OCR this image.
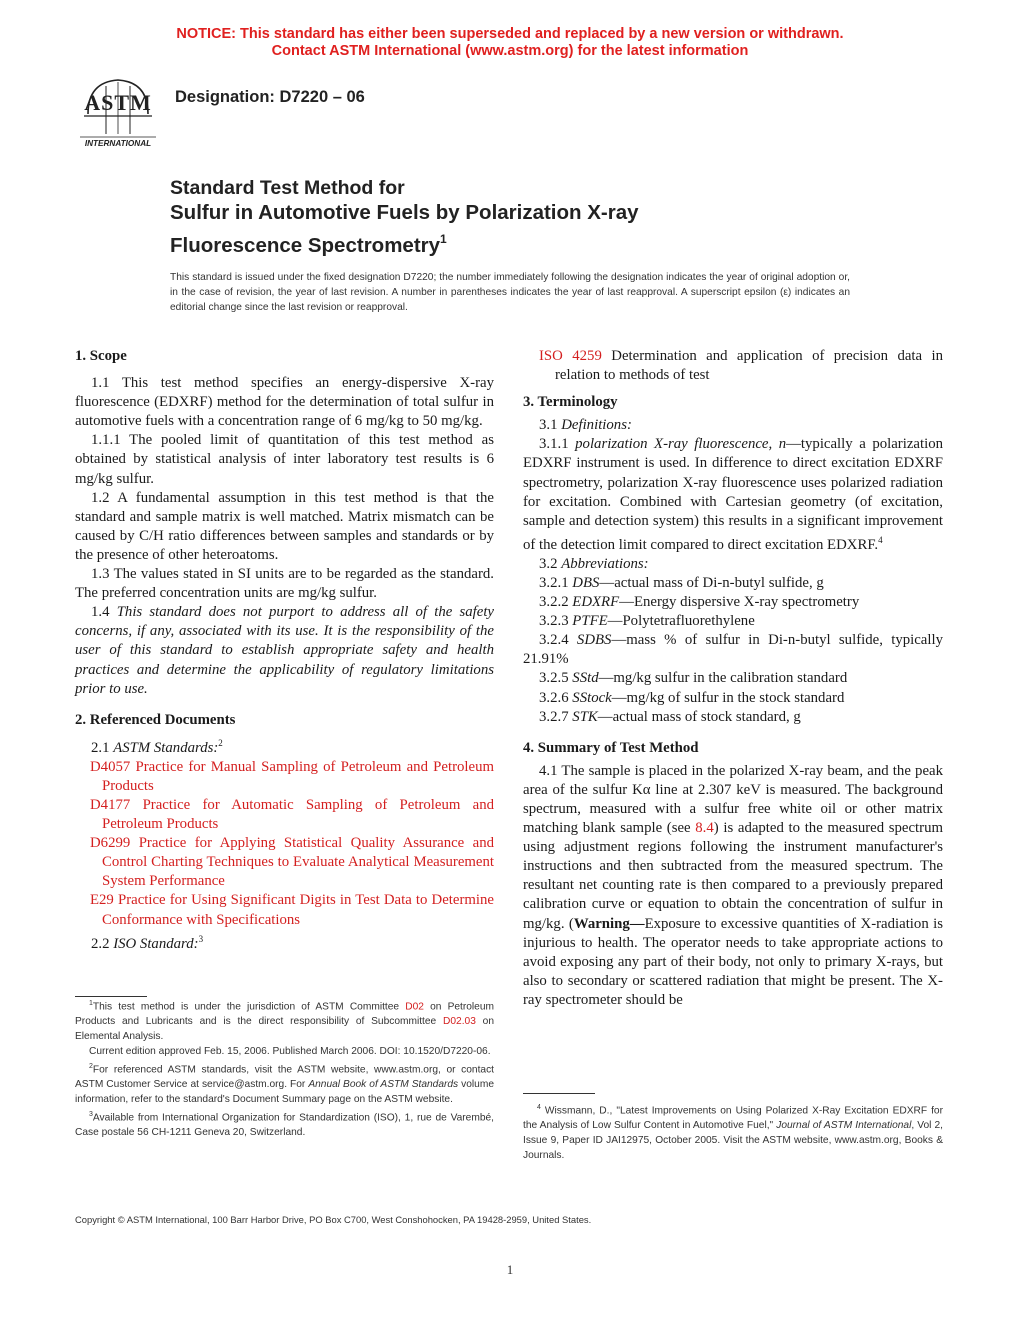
NOTICE: This standard has either been superseded and replaced by a new version or withdrawn.
Contact ASTM International (www.astm.org) for the latest information
ASTM
INTERNATIONAL
Designation: D7220 – 06
Standard Test Method for
Sulfur in Automotive Fuels by Polarization X-ray
Fluorescence Spectrometry$^1$
This standard is issued under the fixed designation D7220; the number immediately following the designation indicates the year of original adoption or, in the case of revision, the year of last revision. A number in parentheses indicates the year of last reapproval. A superscript epsilon (ε) indicates an editorial change since the last revision or reapproval.
1. Scope

1.1 This test method specifies an energy-dispersive X-ray fluorescence (EDXRF) method for the determination of total sulfur in automotive fuels with a concentration range of 6 mg/kg to 50 mg/kg.

1.1.1 The pooled limit of quantitation of this test method as obtained by statistical analysis of inter laboratory test results is 6 mg/kg sulfur.

1.2 A fundamental assumption in this test method is that the standard and sample matrix is well matched. Matrix mismatch can be caused by C/H ratio differences between samples and standards or by the presence of other heteroatoms.

1.3 The values stated in SI units are to be regarded as the standard. The preferred concentration units are mg/kg sulfur.

1.4 This standard does not purport to address all of the safety concerns, if any, associated with its use. It is the responsibility of the user of this standard to establish appropriate safety and health practices and determine the applicability of regulatory limitations prior to use.

2. Referenced Documents

2.1 ASTM Standards:$^2$

D4057 Practice for Manual Sampling of Petroleum and Petroleum Products

D4177 Practice for Automatic Sampling of Petroleum and Petroleum Products

D6299 Practice for Applying Statistical Quality Assurance and Control Charting Techniques to Evaluate Analytical Measurement System Performance

E29 Practice for Using Significant Digits in Test Data to Determine Conformance with Specifications

2.2 ISO Standard:$^3$

$^1$This test method is under the jurisdiction of ASTM Committee D02 on Petroleum Products and Lubricants and is the direct responsibility of Subcommittee D02.03 on Elemental Analysis.

Current edition approved Feb. 15, 2006. Published March 2006. DOI: 10.1520/D7220-06.

$^2$For referenced ASTM standards, visit the ASTM website, www.astm.org, or contact ASTM Customer Service at service@astm.org. For Annual Book of ASTM Standards volume information, refer to the standard's Document Summary page on the ASTM website.

$^3$Available from International Organization for Standardization (ISO), 1, rue de Varembé, Case postale 56 CH-1211 Geneva 20, Switzerland.

ISO 4259 Determination and application of precision data in relation to methods of test

3. Terminology

3.1 Definitions:

3.1.1 polarization X-ray fluorescence, n—typically a polarization EDXRF instrument is used. In difference to direct excitation EDXRF spectrometry, polarization X-ray fluorescence uses polarized radiation for excitation. Combined with Cartesian geometry (of excitation, sample and detection system) this results in a significant improvement of the detection limit compared to direct excitation EDXRF.$^4$

3.2 Abbreviations:

3.2.1 DBS—actual mass of Di-n-butyl sulfide, g

3.2.2 EDXRF—Energy dispersive X-ray spectrometry

3.2.3 PTFE—Polytetrafluorethylene

3.2.4 SDBS—mass % of sulfur in Di-n-butyl sulfide, typically 21.91%

3.2.5 SStd—mg/kg sulfur in the calibration standard

3.2.6 SStock—mg/kg of sulfur in the stock standard

3.2.7 STK—actual mass of stock standard, g

4. Summary of Test Method

4.1 The sample is placed in the polarized X-ray beam, and the peak area of the sulfur Kα line at 2.307 keV is measured. The background spectrum, measured with a sulfur free white oil or other matrix matching blank sample (see 8.4) is adapted to the measured spectrum using adjustment regions following the instrument manufacturer's instructions and then subtracted from the measured spectrum. The resultant net counting rate is then compared to a previously prepared calibration curve or equation to obtain the concentration of sulfur in mg/kg. (Warning—Exposure to excessive quantities of X-radiation is injurious to health. The operator needs to take appropriate actions to avoid exposing any part of their body, not only to primary X-rays, but also to secondary or scattered radiation that might be present. The X-ray spectrometer should be

$^4$ Wissmann, D., "Latest Improvements on Using Polarized X-Ray Excitation EDXRF for the Analysis of Low Sulfur Content in Automotive Fuel," Journal of ASTM International, Vol 2, Issue 9, Paper ID JAI12975, October 2005. Visit the ASTM website, www.astm.org, Books & Journals.

Copyright © ASTM International, 100 Barr Harbor Drive, PO Box C700, West Conshohocken, PA 19428-2959, United States.
1
